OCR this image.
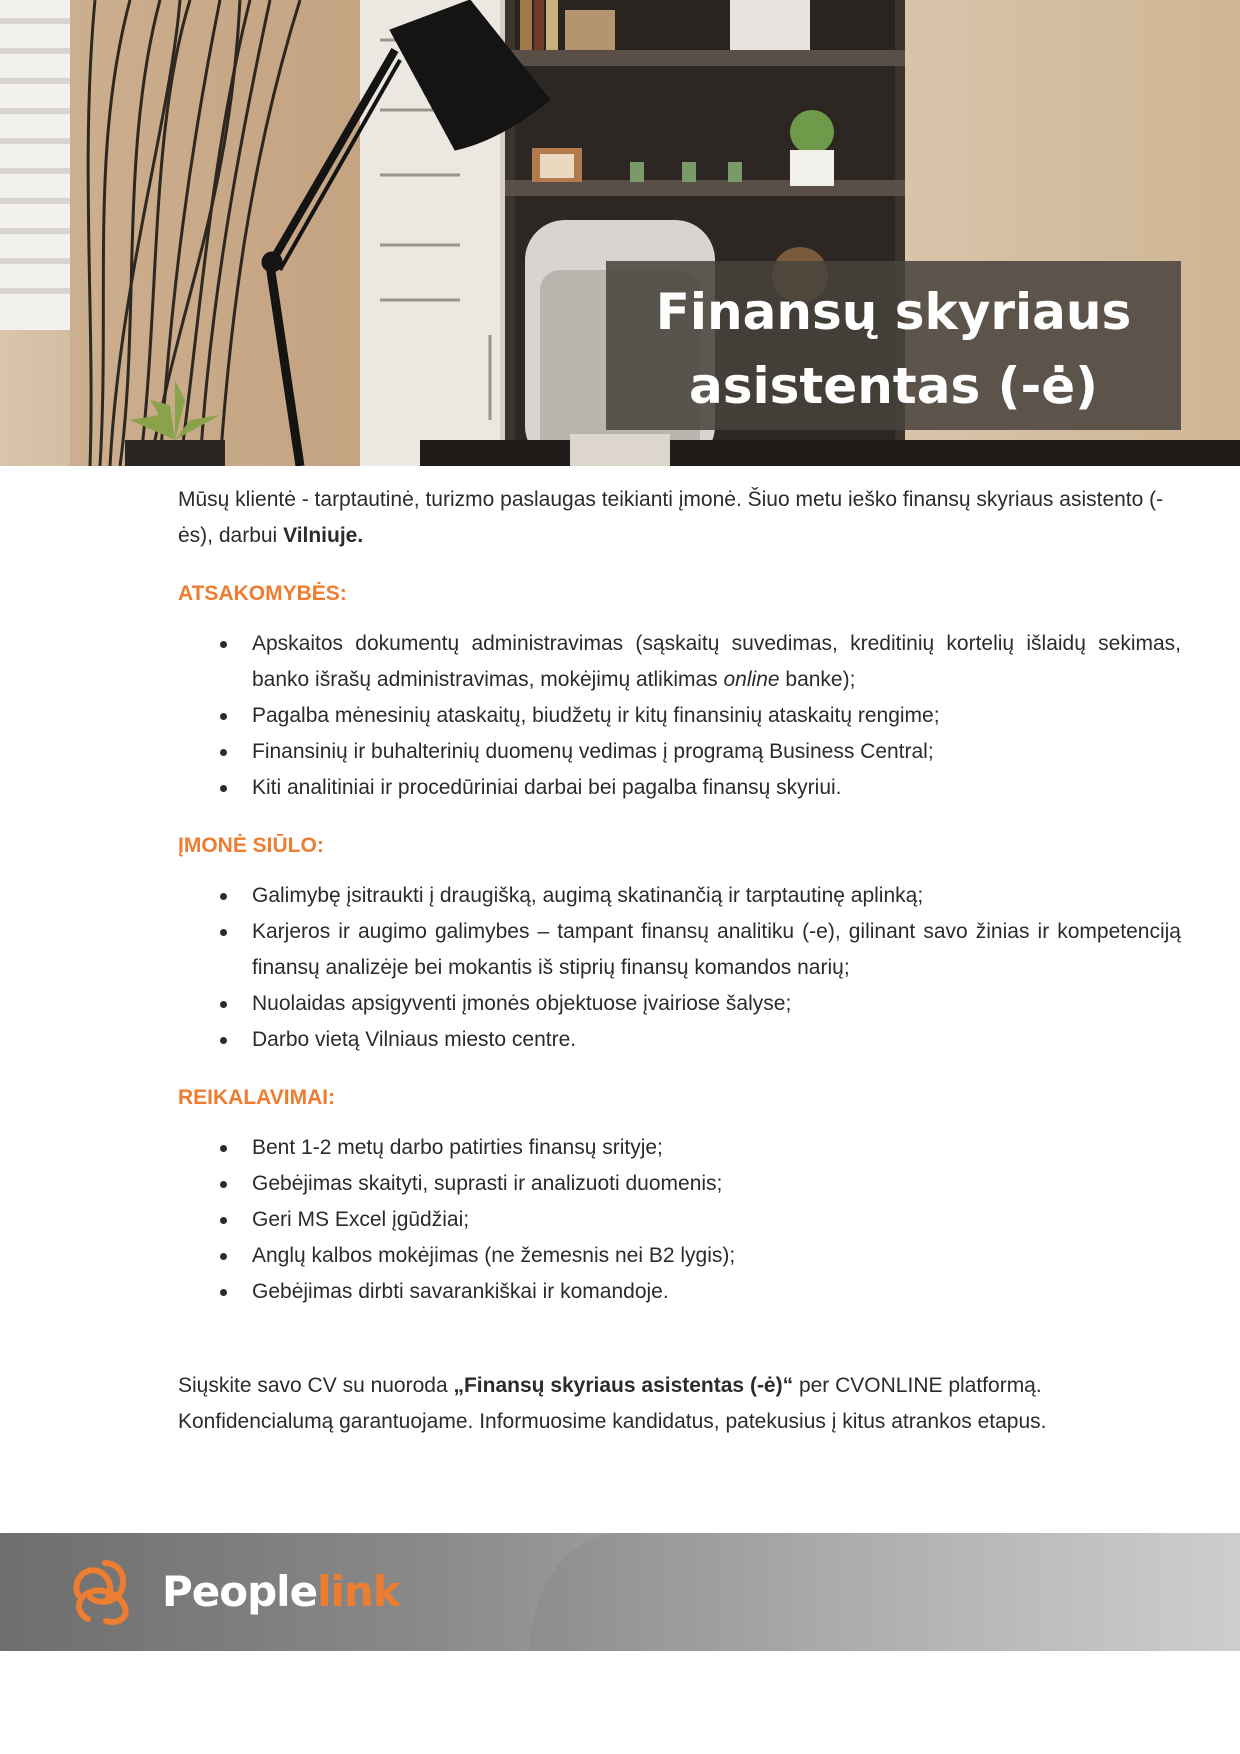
Finansų skyriaus
asistentas (-ė)

Mūsų klientė - tarptautinė, turizmo paslaugas teikianti įmonė. Šiuo metu ieško finansų skyriaus asistento (-ės), darbui Vilniuje.

ATSAKOMYBĖS:
Apskaitos dokumentų administravimas (sąskaitų suvedimas, kreditinių kortelių išlaidų sekimas, banko išrašų administravimas, mokėjimų atlikimas online banke);
Pagalba mėnesinių ataskaitų, biudžetų ir kitų finansinių ataskaitų rengime;
Finansinių ir buhalterinių duomenų vedimas į programą Business Central;
Kiti analitiniai ir procedūriniai darbai bei pagalba finansų skyriui.
ĮMONĖ SIŪLO:
Galimybę įsitraukti į draugišką, augimą skatinančią ir tarptautinę aplinką;
Karjeros ir augimo galimybes – tampant finansų analitiku (-e), gilinant savo žinias ir kompetenciją finansų analizėje bei mokantis iš stiprių finansų komandos narių;
Nuolaidas apsigyventi įmonės objektuose įvairiose šalyse;
Darbo vietą Vilniaus miesto centre.
REIKALAVIMAI:
Bent 1-2 metų darbo patirties finansų srityje;
Gebėjimas skaityti, suprasti ir analizuoti duomenis;
Geri MS Excel įgūdžiai;
Anglų kalbos mokėjimas (ne žemesnis nei B2 lygis);
Gebėjimas dirbti savarankiškai ir komandoje.

Siųskite savo CV su nuoroda „Finansų skyriaus asistentas (-ė)“ per CVONLINE platformą.

Konfidencialumą garantuojame. Informuosime kandidatus, patekusius į kitus atrankos etapus.

Peoplelink
